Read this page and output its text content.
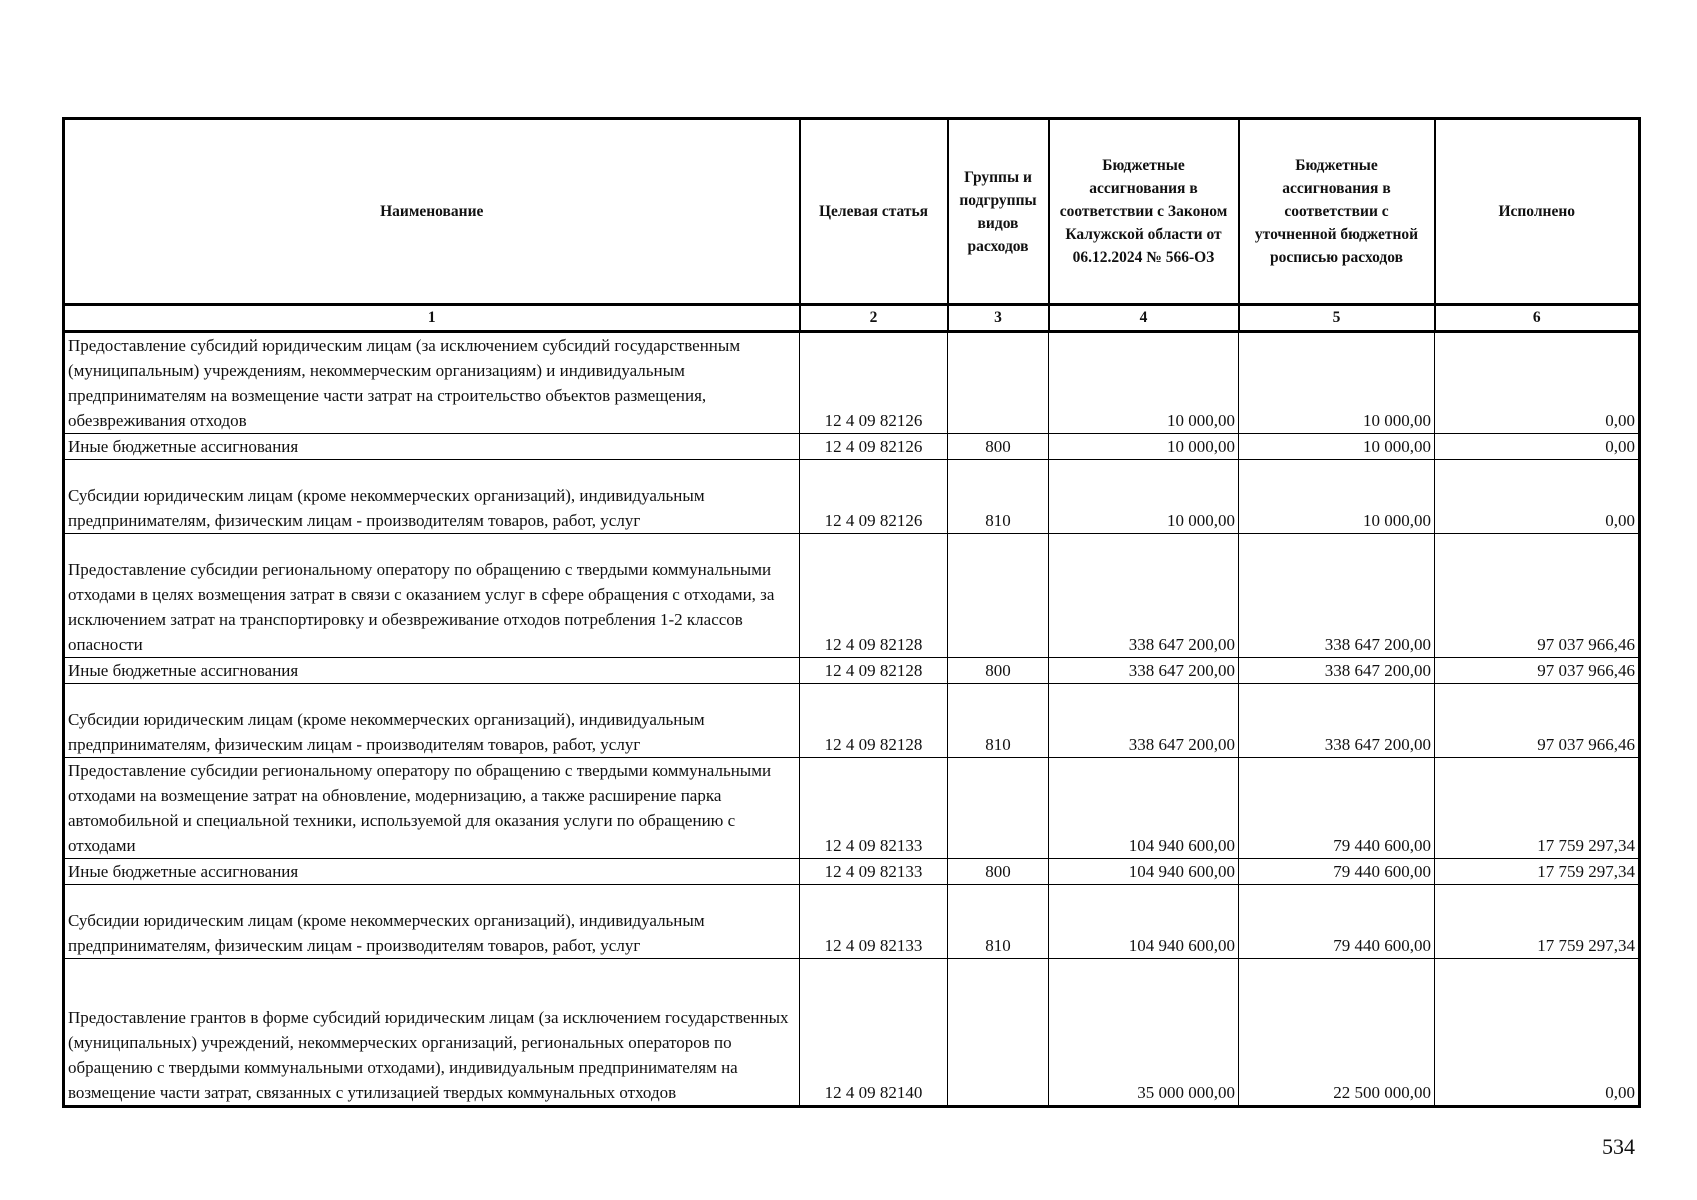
Наименование	Целевая статья	Группы и подгруппы видов расходов	Бюджетные ассигнования в соответствии с Законом Калужской области от 06.12.2024 № 566-ОЗ	Бюджетные ассигнования в соответствии с уточненной бюджетной росписью расходов	Исполнено
1	2	3	4	5	6
Предоставление субсидий юридическим лицам (за исключением субсидий государственным (муниципальным) учреждениям, некоммерческим организациям) и индивидуальным предпринимателям на возмещение части затрат на строительство объектов размещения, обезвреживания отходов	12 4 09 82126		10 000,00	10 000,00	0,00
Иные бюджетные ассигнования	12 4 09 82126	800	10 000,00	10 000,00	0,00
Субсидии юридическим лицам (кроме некоммерческих организаций), индивидуальным предпринимателям, физическим лицам - производителям товаров, работ, услуг	12 4 09 82126	810	10 000,00	10 000,00	0,00
Предоставление субсидии региональному оператору по обращению с твердыми коммунальными отходами в целях возмещения затрат в связи с оказанием услуг в сфере обращения с отходами, за исключением затрат на транспортировку и обезвреживание отходов потребления 1-2 классов опасности	12 4 09 82128		338 647 200,00	338 647 200,00	97 037 966,46
Иные бюджетные ассигнования	12 4 09 82128	800	338 647 200,00	338 647 200,00	97 037 966,46
Субсидии юридическим лицам (кроме некоммерческих организаций), индивидуальным предпринимателям, физическим лицам - производителям товаров, работ, услуг	12 4 09 82128	810	338 647 200,00	338 647 200,00	97 037 966,46
Предоставление субсидии региональному оператору по обращению с твердыми коммунальными отходами на возмещение затрат на обновление, модернизацию, а также расширение парка автомобильной и специальной техники, используемой для оказания услуги по обращению с отходами	12 4 09 82133		104 940 600,00	79 440 600,00	17 759 297,34
Иные бюджетные ассигнования	12 4 09 82133	800	104 940 600,00	79 440 600,00	17 759 297,34
Субсидии юридическим лицам (кроме некоммерческих организаций), индивидуальным предпринимателям, физическим лицам - производителям товаров, работ, услуг	12 4 09 82133	810	104 940 600,00	79 440 600,00	17 759 297,34
Предоставление грантов в форме субсидий юридическим лицам (за исключением государственных (муниципальных) учреждений, некоммерческих организаций, региональных операторов по обращению с твердыми коммунальными отходами), индивидуальным предпринимателям на возмещение части затрат, связанных с утилизацией твердых коммунальных отходов	12 4 09 82140		35 000 000,00	22 500 000,00	0,00
534
